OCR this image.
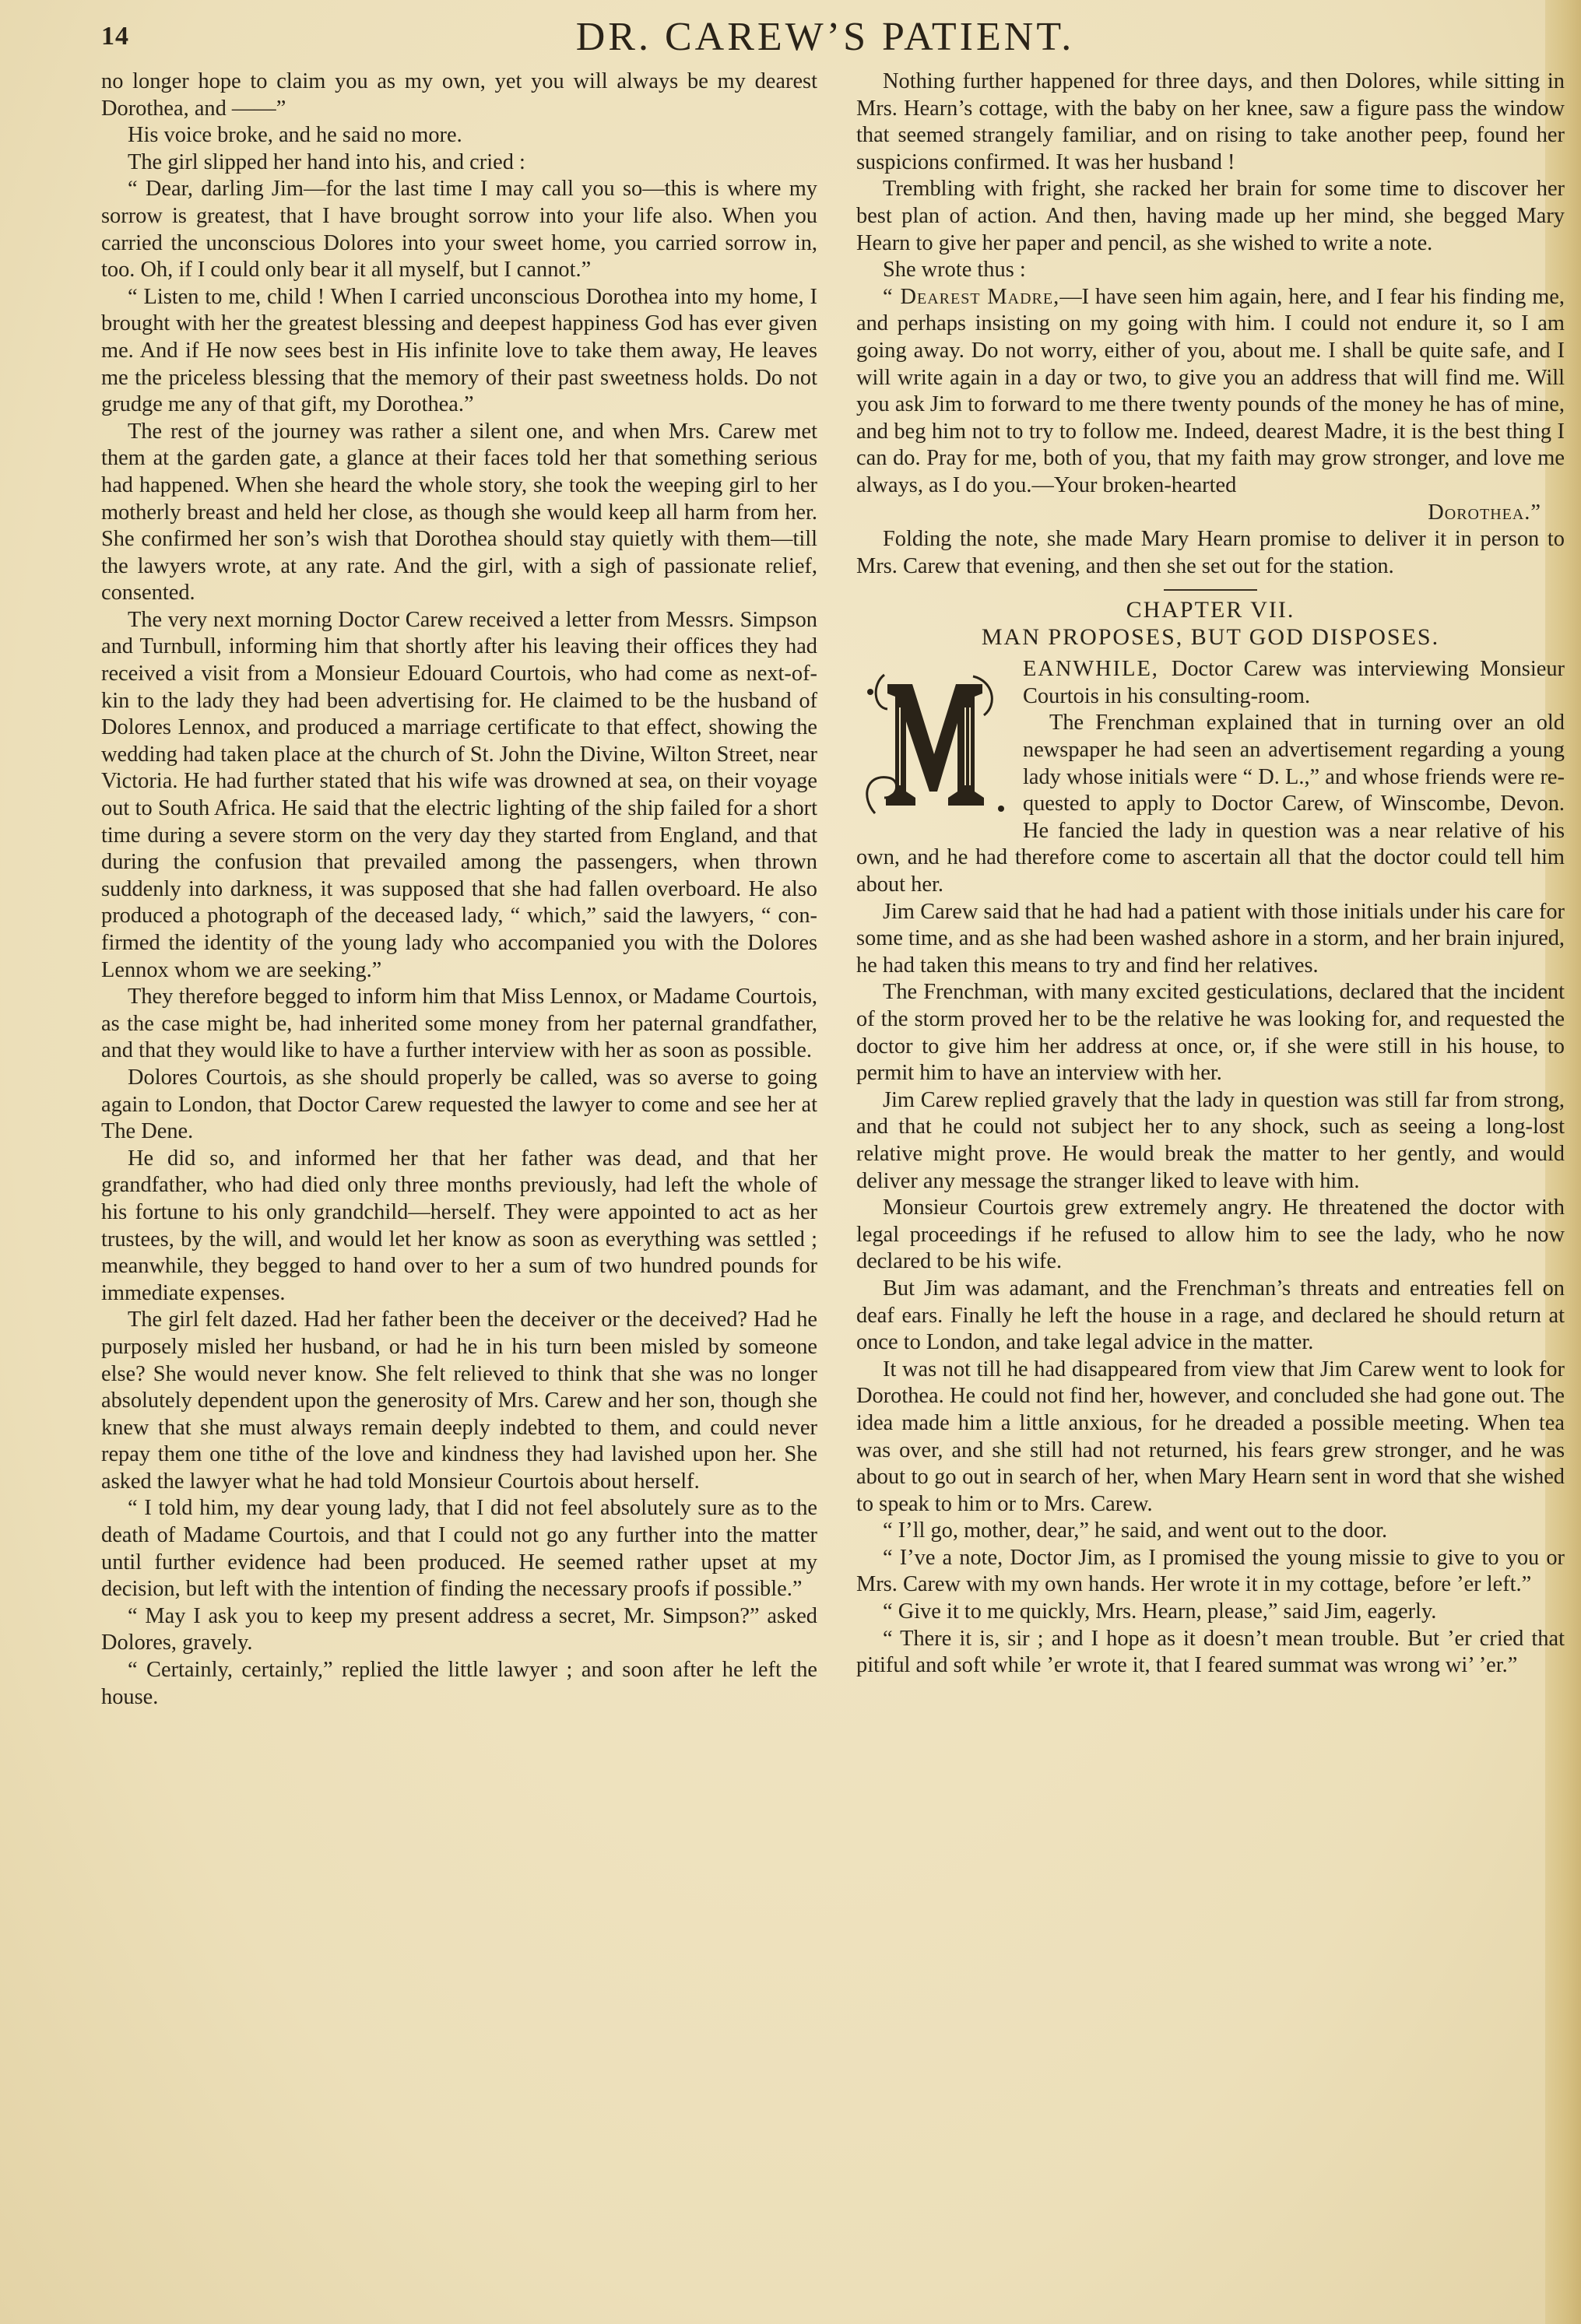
14	DR. CAREW’S PATIENT.

no longer hope to claim you as my own, yet you will always be my dearest Dorothea, and ——”

His voice broke, and he said no more.

The girl slipped her hand into his, and cried :

“ Dear, darling Jim—for the last time I may call you so—this is where my sorrow is greatest, that I have brought sorrow into your life also. When you carried the unconscious Dolores into your sweet home, you carried sorrow in, too. Oh, if I could only bear it all myself, but I cannot.”

“ Listen to me, child ! When I carried unconscious Dorothea into my home, I brought with her the greatest blessing and deepest happiness God has ever given me. And if He now sees best in His infinite love to take them away, He leaves me the priceless blessing that the memory of their past sweetness holds. Do not grudge me any of that gift, my Dorothea.”

The rest of the journey was rather a silent one, and when Mrs. Carew met them at the garden gate, a glance at their faces told her that something serious had happened. When she heard the whole story, she took the weeping girl to her motherly breast and held her close, as though she would keep all harm from her. She confirmed her son’s wish that Dorothea should stay quietly with them—till the lawyers wrote, at any rate. And the girl, with a sigh of passionate relief, consented.

The very next morning Doctor Carew received a letter from Messrs. Simpson and Turnbull, informing him that shortly after his leaving their offices they had received a visit from a Monsieur Edouard Courtois, who had come as next-of-kin to the lady they had been advertising for. He claimed to be the husband of Dolores Lennox, and produced a marriage certificate to that effect, showing the wedding had taken place at the church of St. John the Divine, Wilton Street, near Victoria. He had further stated that his wife was drowned at sea, on their voyage out to South Africa. He said that the electric lighting of the ship failed for a short time during a severe storm on the very day they started from England, and that during the confusion that prevailed among the passengers, when thrown suddenly into darkness, it was supposed that she had fallen overboard. He also produced a photograph of the deceased lady, “ which,” said the lawyers, “ confirmed the identity of the young lady who accompanied you with the Dolores Lennox whom we are seeking.”

They therefore begged to inform him that Miss Lennox, or Madame Courtois, as the case might be, had inherited some money from her paternal grandfather, and that they would like to have a further interview with her as soon as possible.

Dolores Courtois, as she should properly be called, was so averse to going again to London, that Doctor Carew requested the lawyer to come and see her at The Dene.

He did so, and informed her that her father was dead, and that her grandfather, who had died only three months previously, had left the whole of his fortune to his only grandchild—herself. They were appointed to act as her trustees, by the will, and would let her know as soon as everything was settled ; meanwhile, they begged to hand over to her a sum of two hundred pounds for immediate expenses.

The girl felt dazed. Had her father been the deceiver or the deceived? Had he purposely misled her husband, or had he in his turn been misled by someone else? She would never know. She felt relieved to think that she was no longer absolutely dependent upon the generosity of Mrs. Carew and her son, though she knew that she must always remain deeply indebted to them, and could never repay them one tithe of the love and kindness they had lavished upon her. She asked the lawyer what he had told Monsieur Courtois about herself.

“ I told him, my dear young lady, that I did not feel absolutely sure as to the death of Madame Courtois, and that I could not go any further into the matter until further evidence had been produced. He seemed rather upset at my decision, but left with the intention of finding the necessary proofs if possible.”

“ May I ask you to keep my present address a secret, Mr. Simpson?” asked Dolores, gravely.

“ Certainly, certainly,” replied the little lawyer ; and soon after he left the house.

Nothing further happened for three days, and then Dolores, while sitting in Mrs. Hearn’s cottage, with the baby on her knee, saw a figure pass the window that seemed strangely familiar, and on rising to take another peep, found her suspicions confirmed. It was her husband !

Trembling with fright, she racked her brain for some time to discover her best plan of action. And then, having made up her mind, she begged Mary Hearn to give her paper and pencil, as she wished to write a note.

She wrote thus :

“ Dearest Madre,—I have seen him again, here, and I fear his finding me, and perhaps insisting on my going with him. I could not endure it, so I am going away. Do not worry, either of you, about me. I shall be quite safe, and I will write again in a day or two, to give you an address that will find me. Will you ask Jim to forward to me there twenty pounds of the money he has of mine, and beg him not to try to follow me. Indeed, dearest Madre, it is the best thing I can do. Pray for me, both of you, that my faith may grow stronger, and love me always, as I do you.—Your broken-hearted

Dorothea.”

Folding the note, she made Mary Hearn promise to deliver it in person to Mrs. Carew that evening, and then she set out for the station.

CHAPTER VII.

MAN PROPOSES, BUT GOD DISPOSES.

EANWHILE, Doctor Carew was interviewing Monsieur Courtois in his consulting-room.

The Frenchman explained that in turning over an old newspaper he had seen an advertisement regarding a young lady whose initials were “ D. L.,” and whose friends were requested to apply to Doctor Carew, of Winscombe, Devon. He fancied the lady in question was a near relative of his own, and he had therefore come to ascertain all that the doctor could tell him about her.

Jim Carew said that he had had a patient with those initials under his care for some time, and as she had been washed ashore in a storm, and her brain injured, he had taken this means to try and find her relatives.

The Frenchman, with many excited gesticulations, declared that the incident of the storm proved her to be the relative he was looking for, and requested the doctor to give him her address at once, or, if she were still in his house, to permit him to have an interview with her.

Jim Carew replied gravely that the lady in question was still far from strong, and that he could not subject her to any shock, such as seeing a long-lost relative might prove. He would break the matter to her gently, and would deliver any message the stranger liked to leave with him.

Monsieur Courtois grew extremely angry. He threatened the doctor with legal proceedings if he refused to allow him to see the lady, who he now declared to be his wife.

But Jim was adamant, and the Frenchman’s threats and entreaties fell on deaf ears. Finally he left the house in a rage, and declared he should return at once to London, and take legal advice in the matter.

It was not till he had disappeared from view that Jim Carew went to look for Dorothea. He could not find her, however, and concluded she had gone out. The idea made him a little anxious, for he dreaded a possible meeting. When tea was over, and she still had not returned, his fears grew stronger, and he was about to go out in search of her, when Mary Hearn sent in word that she wished to speak to him or to Mrs. Carew.

“ I’ll go, mother, dear,” he said, and went out to the door.

“ I’ve a note, Doctor Jim, as I promised the young missie to give to you or Mrs. Carew with my own hands. Her wrote it in my cottage, before ’er left.”

“ Give it to me quickly, Mrs. Hearn, please,” said Jim, eagerly.

“ There it is, sir ; and I hope as it doesn’t mean trouble. But ’er cried that pitiful and soft while ’er wrote it, that I feared summat was wrong wi’ ’er.”
